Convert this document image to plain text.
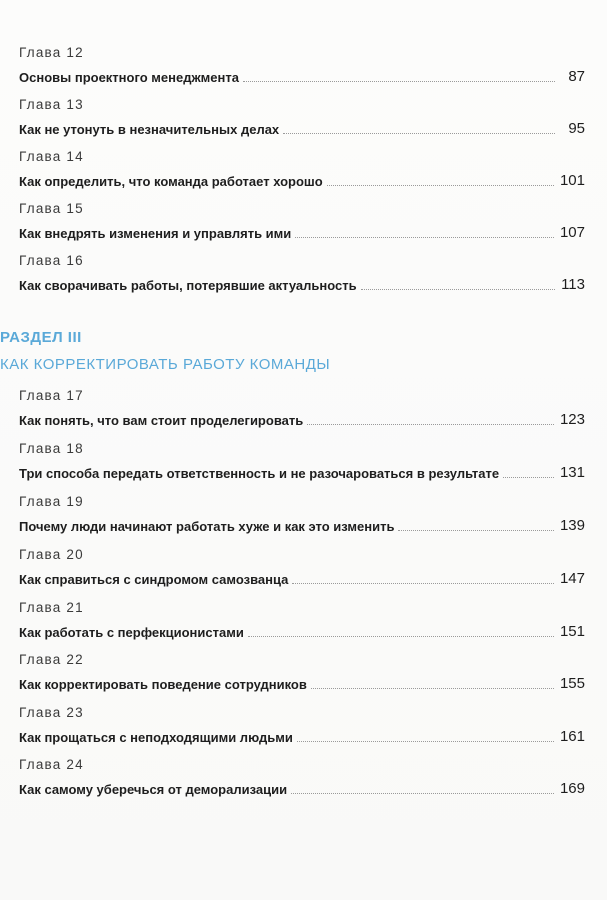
Глава 12
Основы проектного менеджмента	87
Глава 13
Как не утонуть в незначительных делах	95
Глава 14
Как определить, что команда работает хорошо	101
Глава 15
Как внедрять изменения и управлять ими	107
Глава 16
Как сворачивать работы, потерявшие актуальность	113
РАЗДЕЛ III
КАК КОРРЕКТИРОВАТЬ РАБОТУ КОМАНДЫ
Глава 17
Как понять, что вам стоит проделегировать	123
Глава 18
Три способа передать ответственность и не разочароваться в результате	131
Глава 19
Почему люди начинают работать хуже и как это изменить	139
Глава 20
Как справиться с синдромом самозванца	147
Глава 21
Как работать с перфекционистами	151
Глава 22
Как корректировать поведение сотрудников	155
Глава 23
Как прощаться с неподходящими людьми	161
Глава 24
Как самому уберечься от деморализации	169
